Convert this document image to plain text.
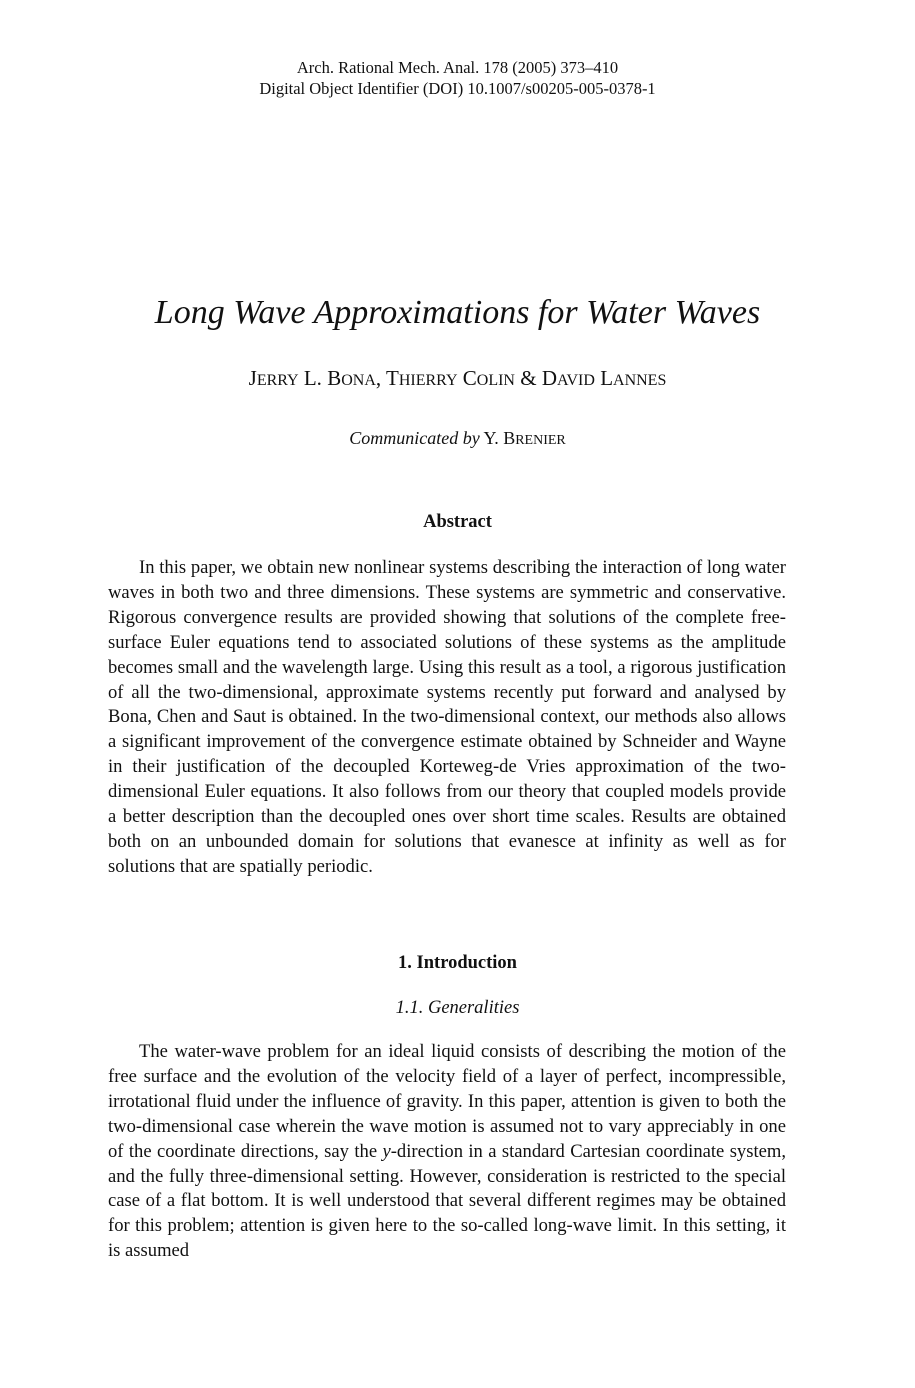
Arch. Rational Mech. Anal. 178 (2005) 373–410
Digital Object Identifier (DOI) 10.1007/s00205-005-0378-1
Long Wave Approximations for Water Waves
JERRY L. BONA, THIERRY COLIN & DAVID LANNES
Communicated by Y. BRENIER
Abstract

In this paper, we obtain new nonlinear systems describing the interaction of long water waves in both two and three dimensions. These systems are symmetric and conservative. Rigorous convergence results are provided showing that solutions of the complete free-surface Euler equations tend to associated solutions of these systems as the amplitude becomes small and the wavelength large. Using this result as a tool, a rigorous justification of all the two-dimensional, approximate systems recently put forward and analysed by Bona, Chen and Saut is obtained. In the two-dimensional context, our methods also allows a significant improvement of the convergence estimate obtained by Schneider and Wayne in their justification of the decoupled Korteweg-de Vries approximation of the two-dimensional Euler equations. It also follows from our theory that coupled models provide a better description than the decoupled ones over short time scales. Results are obtained both on an unbounded domain for solutions that evanesce at infinity as well as for solutions that are spatially periodic.

1. Introduction
1.1. Generalities

The water-wave problem for an ideal liquid consists of describing the motion of the free surface and the evolution of the velocity field of a layer of perfect, incompressible, irrotational fluid under the influence of gravity. In this paper, attention is given to both the two-dimensional case wherein the wave motion is assumed not to vary appreciably in one of the coordinate directions, say the y-direction in a standard Cartesian coordinate system, and the fully three-dimensional setting. However, consideration is restricted to the special case of a flat bottom. It is well understood that several different regimes may be obtained for this problem; attention is given here to the so-called long-wave limit. In this setting, it is assumed
